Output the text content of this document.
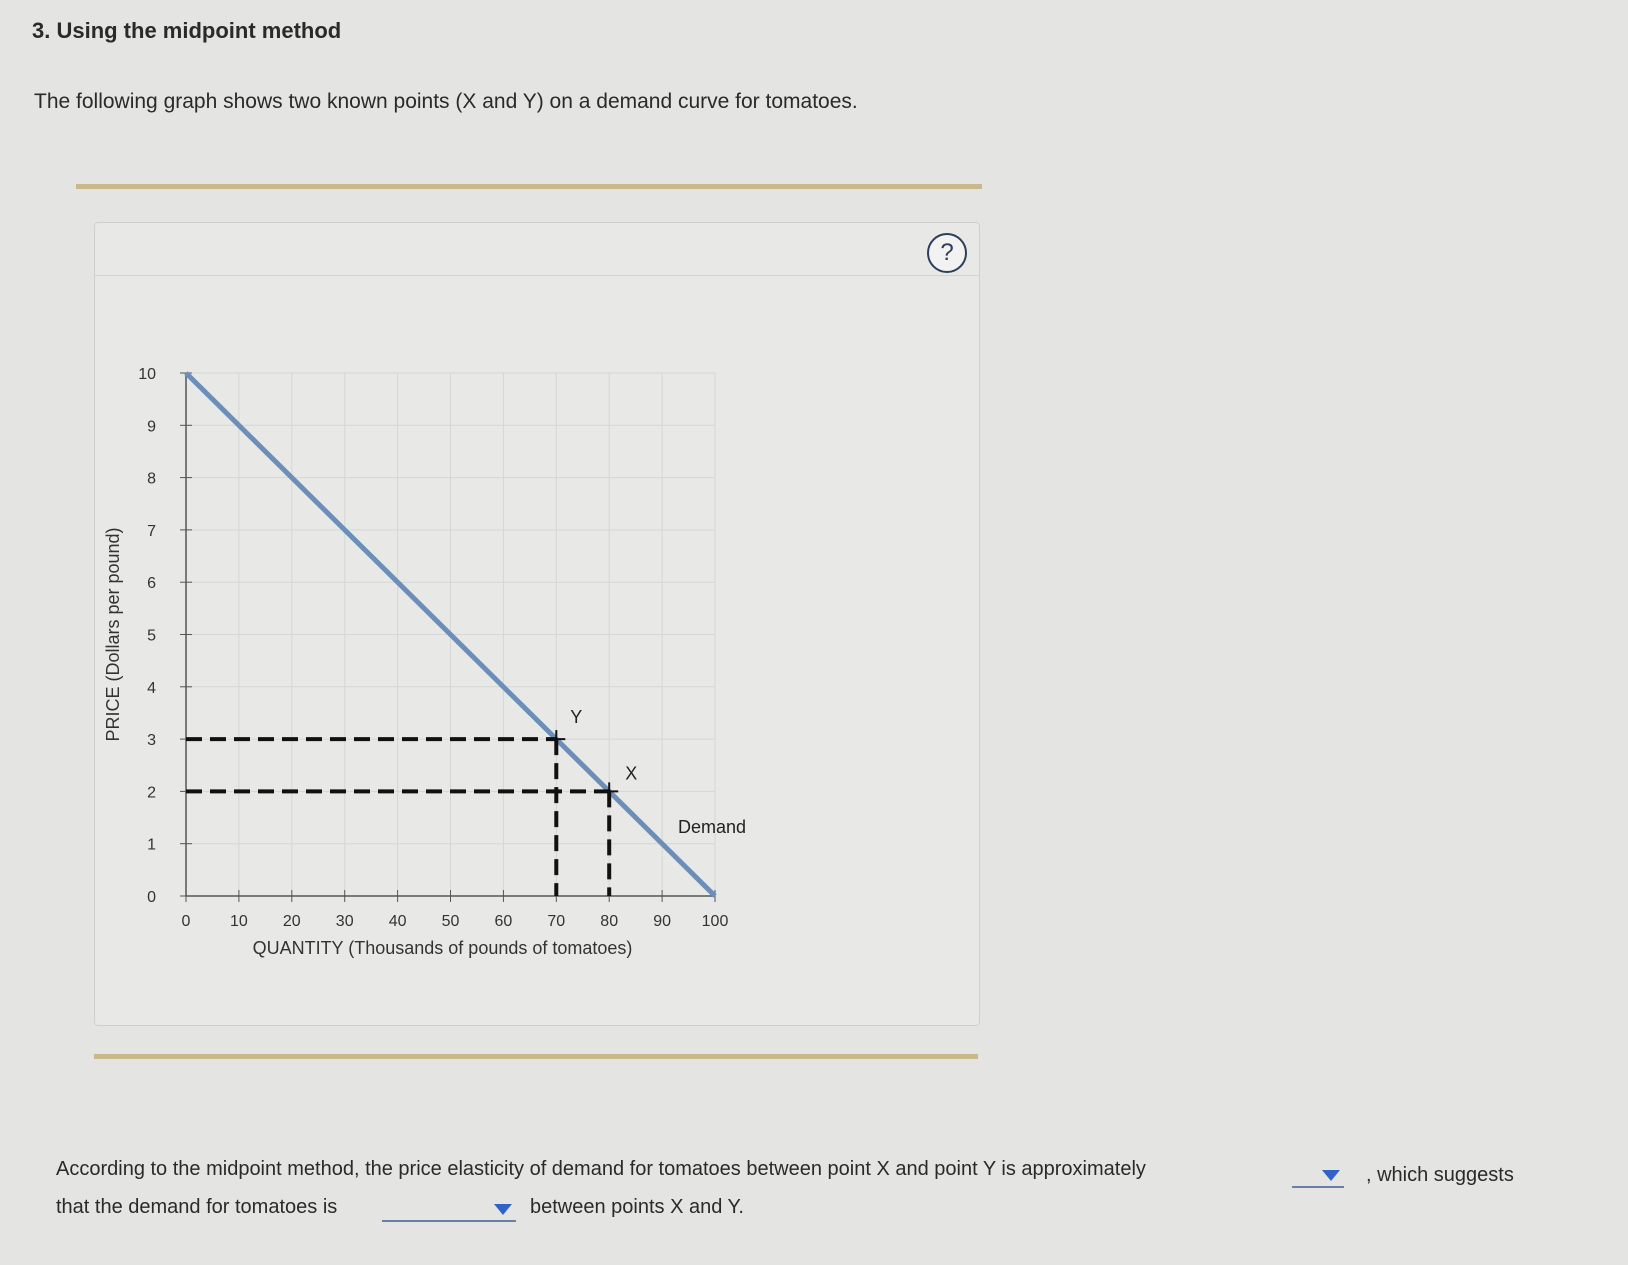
3. Using the midpoint method
The following graph shows two known points (X and Y) on a demand curve for tomatoes.
?
0 10 20 30 40 50 60 70 80 90 100
0
1
2
3
4
5
6
7
8
9
10
QUANTITY (Thousands of pounds of tomatoes)
PRICE (Dollars per pound)
Demand
Y
X
According to the midpoint method, the price elasticity of demand for tomatoes between point X and point Y is approximately	, which suggests
that the demand for tomatoes is	between points X and Y.
